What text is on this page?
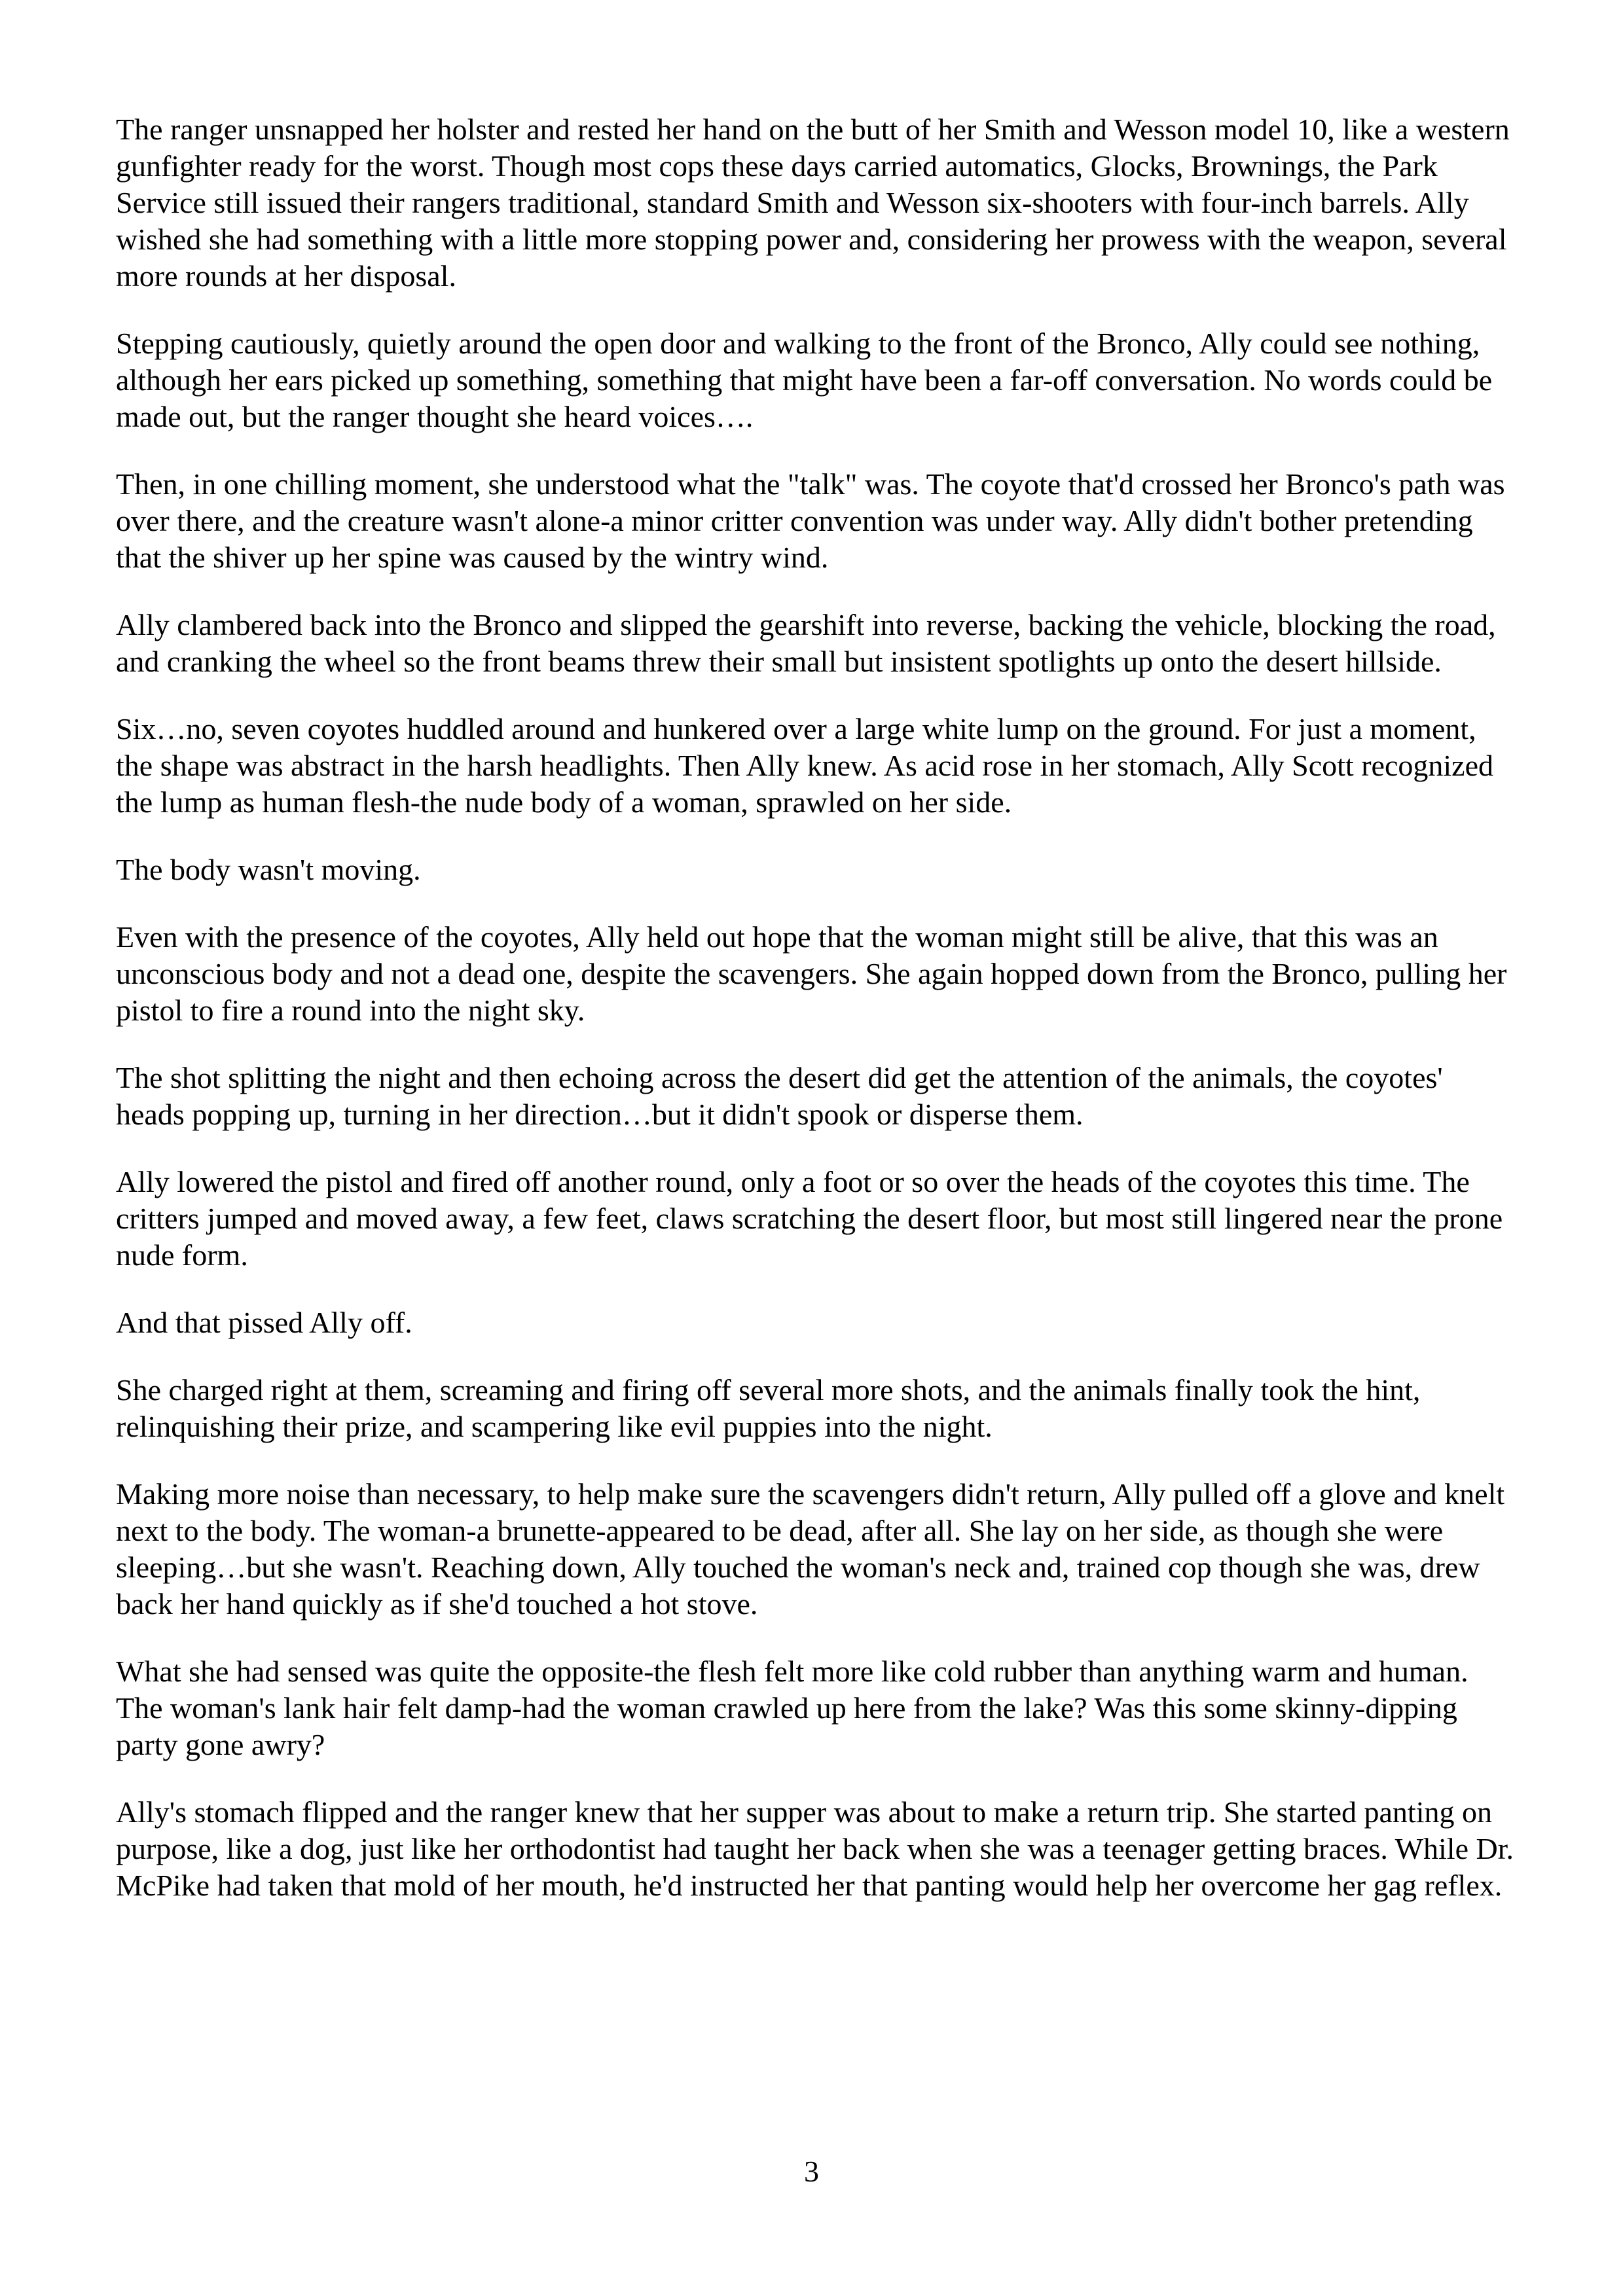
The ranger unsnapped her holster and rested her hand on the butt of her Smith and Wesson model 10, like a western gunfighter ready for the worst. Though most cops these days carried automatics, Glocks, Brownings, the Park Service still issued their rangers traditional, standard Smith and Wesson six-shooters with four-inch barrels. Ally wished she had something with a little more stopping power and, considering her prowess with the weapon, several more rounds at her disposal.

Stepping cautiously, quietly around the open door and walking to the front of the Bronco, Ally could see nothing, although her ears picked up something, something that might have been a far-off conversation. No words could be made out, but the ranger thought she heard voices….

Then, in one chilling moment, she understood what the "talk" was. The coyote that'd crossed her Bronco's path was over there, and the creature wasn't alone-a minor critter convention was under way. Ally didn't bother pretending that the shiver up her spine was caused by the wintry wind.

Ally clambered back into the Bronco and slipped the gearshift into reverse, backing the vehicle, blocking the road, and cranking the wheel so the front beams threw their small but insistent spotlights up onto the desert hillside.

Six…no, seven coyotes huddled around and hunkered over a large white lump on the ground. For just a moment, the shape was abstract in the harsh headlights. Then Ally knew. As acid rose in her stomach, Ally Scott recognized the lump as human flesh-the nude body of a woman, sprawled on her side.

The body wasn't moving.

Even with the presence of the coyotes, Ally held out hope that the woman might still be alive, that this was an unconscious body and not a dead one, despite the scavengers. She again hopped down from the Bronco, pulling her pistol to fire a round into the night sky.

The shot splitting the night and then echoing across the desert did get the attention of the animals, the coyotes' heads popping up, turning in her direction…but it didn't spook or disperse them.

Ally lowered the pistol and fired off another round, only a foot or so over the heads of the coyotes this time. The critters jumped and moved away, a few feet, claws scratching the desert floor, but most still lingered near the prone nude form.

And that pissed Ally off.

She charged right at them, screaming and firing off several more shots, and the animals finally took the hint, relinquishing their prize, and scampering like evil puppies into the night.

Making more noise than necessary, to help make sure the scavengers didn't return, Ally pulled off a glove and knelt next to the body. The woman-a brunette-appeared to be dead, after all. She lay on her side, as though she were sleeping…but she wasn't. Reaching down, Ally touched the woman's neck and, trained cop though she was, drew back her hand quickly as if she'd touched a hot stove.

What she had sensed was quite the opposite-the flesh felt more like cold rubber than anything warm and human. The woman's lank hair felt damp-had the woman crawled up here from the lake? Was this some skinny-dipping party gone awry?

Ally's stomach flipped and the ranger knew that her supper was about to make a return trip. She started panting on purpose, like a dog, just like her orthodontist had taught her back when she was a teenager getting braces. While Dr. McPike had taken that mold of her mouth, he'd instructed her that panting would help her overcome her gag reflex.

3
